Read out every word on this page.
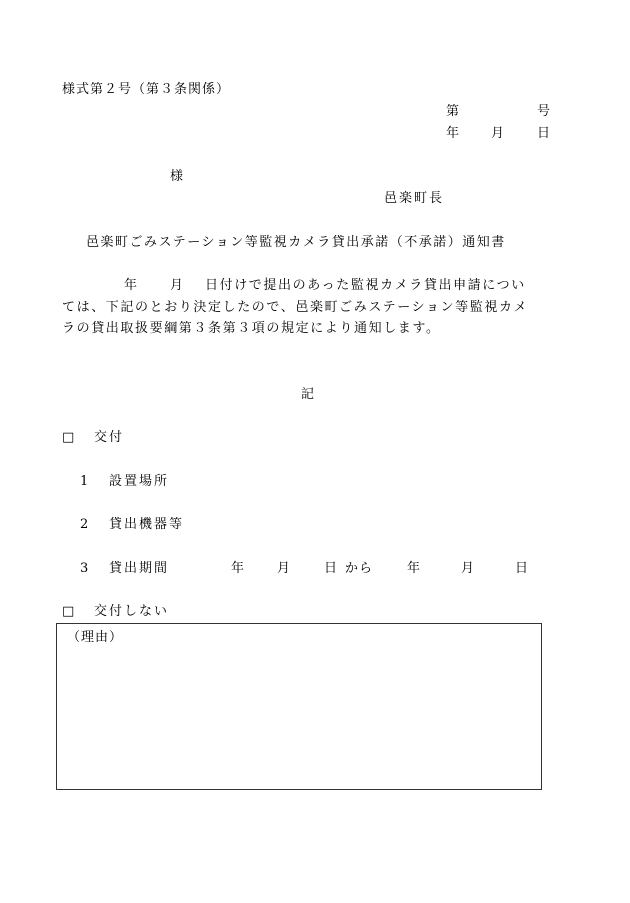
様式第２号（第３条関係）
第	号
年 月 日
様
邑楽町長
邑楽町ごみステーション等監視カメラ貸出承諾（不承諾）通知書
年 月 日付けで提出のあった監視カメラ貸出申請につい
ては、下記のとおり決定したので、邑楽町ごみステーション等監視カメ
ラの貸出取扱要綱第３条第３項の規定により通知します。
記
□ 交付
1 設置場所
2 貸出機器等
3 貸出期間	年 月	日 から	年	月	日
□ 交付しない
（理由）
